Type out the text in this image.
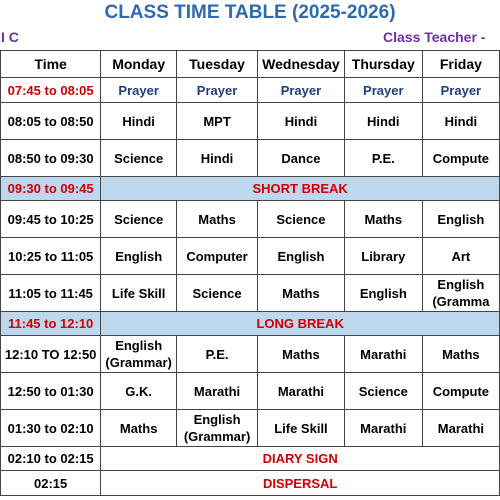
CLASS TIME TABLE (2025-2026)
I C	Class Teacher -
Time	Monday	Tuesday	Wednesday	Thursday	Friday
07:45 to 08:05	Prayer	Prayer	Prayer	Prayer	Prayer

08:05 to 08:50	Hindi	MPT	Hindi	Hindi	Hindi

08:50 to 09:30	Science	Hindi	Dance	P.E.	Compute

09:30 to 09:45	SHORT BREAK				
09:45 to 10:25	Science	Maths	Science	Maths	English

10:25 to 11:05	English	Computer	English	Library	Art

11:05 to 11:45	Life Skill	Science	Maths	English	English
(Gramma

11:45 to 12:10	LONG BREAK				
12:10 TO 12:50	English
(Grammar)	P.E.	Maths	Marathi	Maths

12:50 to 01:30	G.K.	Marathi	Marathi	Science	Compute

01:30 to 02:10	Maths	English
(Grammar)	Life Skill	Marathi	Marathi

02:10 to 02:15	DIARY SIGN				
02:15	DISPERSAL				
